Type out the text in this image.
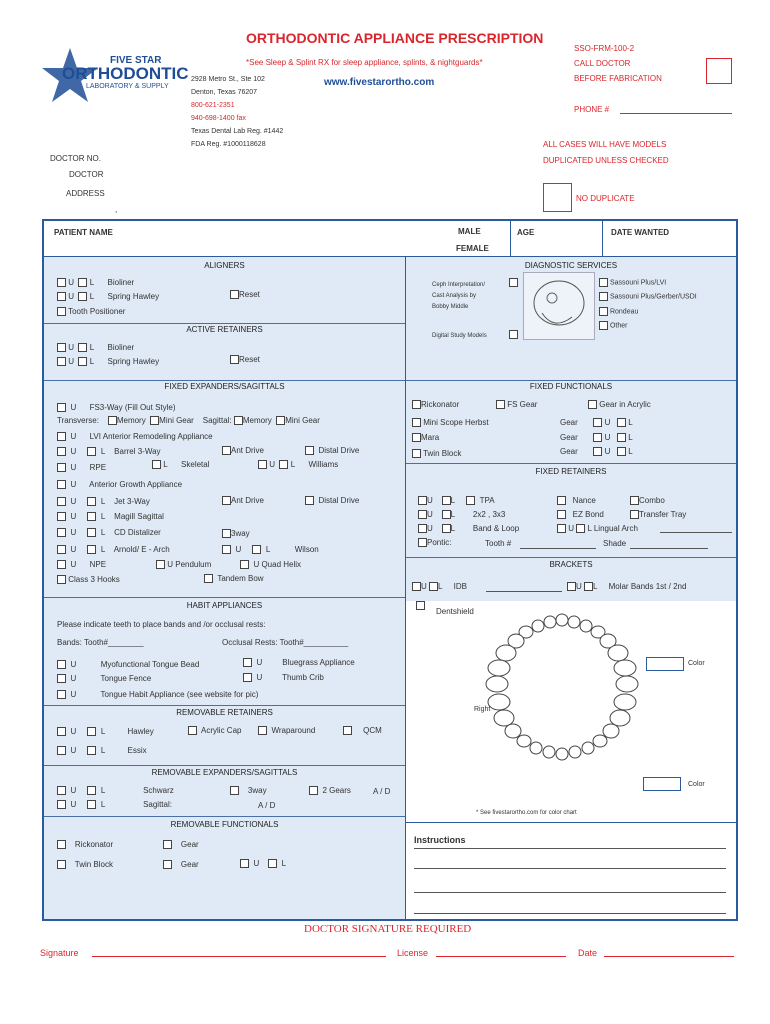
ORTHODONTIC APPLIANCE PRESCRIPTION
SSO-FRM-100-2
*See Sleep & Splint RX for sleep appliance, splints, & nightguards*	CALL DOCTOR
BEFORE FABRICATION
www.fivestarortho.com
PHONE #
FIVE STAR
ORTHODONTIC
LABORATORY & SUPPLY
2928 Metro St., Ste 102
Denton, Texas 76207
800-621-2351
940-698-1400 fax
Texas Dental Lab Reg. #1442
FDA Reg. #1000118628	ALL CASES WILL HAVE MODELS
DUPLICATED UNLESS CHECKED
NO DUPLICATE
DOCTOR NO.
DOCTOR
ADDRESS
,
PATIENT NAME	MALE
FEMALE
AGE	DATE WANTED
ALIGNERS
ACTIVE RETAINERS
FIXED EXPANDERS/SAGITTALS
HABIT APPLIANCES
REMOVABLE RETAINERS
REMOVABLE EXPANDERS/SAGITTALS
REMOVABLE FUNCTIONALS
DIAGNOSTIC SERVICES
FIXED FUNCTIONALS
FIXED RETAINERS
BRACKETS
U L Bioliner
U L Spring Hawley	Reset
Tooth Positioner
U L Bioliner
U L Spring Hawley	Reset
U FS3-Way (Fill Out Style)
Transverse: Memory Mini Gear Sagittal: Memory Mini Gear
U LVI Anterior Remodeling Appliance
U	L Barrel 3-Way	Ant Drive	Distal Drive
U RPE	L Skeletal	U L Williams
U Anterior Growth Appliance
U	L Jet 3-Way	Ant Drive	Distal Drive
U	L Magill Sagittal
U	L CD Distalizer	3way
U	L Arnold/ E - Arch	U	L	Wilson
U NPE	U Pendulum	U Quad Helix
Class 3 Hooks	Tandem Bow
Please indicate teeth to place bands and /or occlusal rests:
Bands: Tooth#________	Occlusal Rests: Tooth#__________
U	Myofunctional Tongue Bead	U	Bluegrass Appliance
U	Tongue Fence	U Thumb Crib
U	Tongue Habit Appliance (see website for pic)
U	L	Hawley	Acrylic Cap	Wraparound	QCM
U	L	Essix
U	L	Schwarz	3way	2 Gears	A / D
U	L	Sagittal:	A / D
Rickonator	Gear
Twin Block	Gear	U	L
Ceph Interpretation/
Cast Analysis by
Bobby Middle
Digital Study Models
Sassouni Plus/LVI
Sassouni Plus/Gerber/USDI
Rondeau
Other
Rickonator	FS Gear	Gear in Acrylic
Mini Scope Herbst
Mara
Twin Block
Gear	U L
Gear	U L
Gear	U L
U L	TPA
U L 2x2 , 3x3
U L Band & Loop
Pontic:	Tooth #	Shade
Nance
EZ Bond
U L Lingual Arch
Combo
Transfer Tray
U L IDB	U L Molar Bands 1st / 2nd

Dentshield
Right
Color
Color
* See fivestarortho.com for color chart
Instructions
DOCTOR SIGNATURE REQUIRED
Signature	License	Date
